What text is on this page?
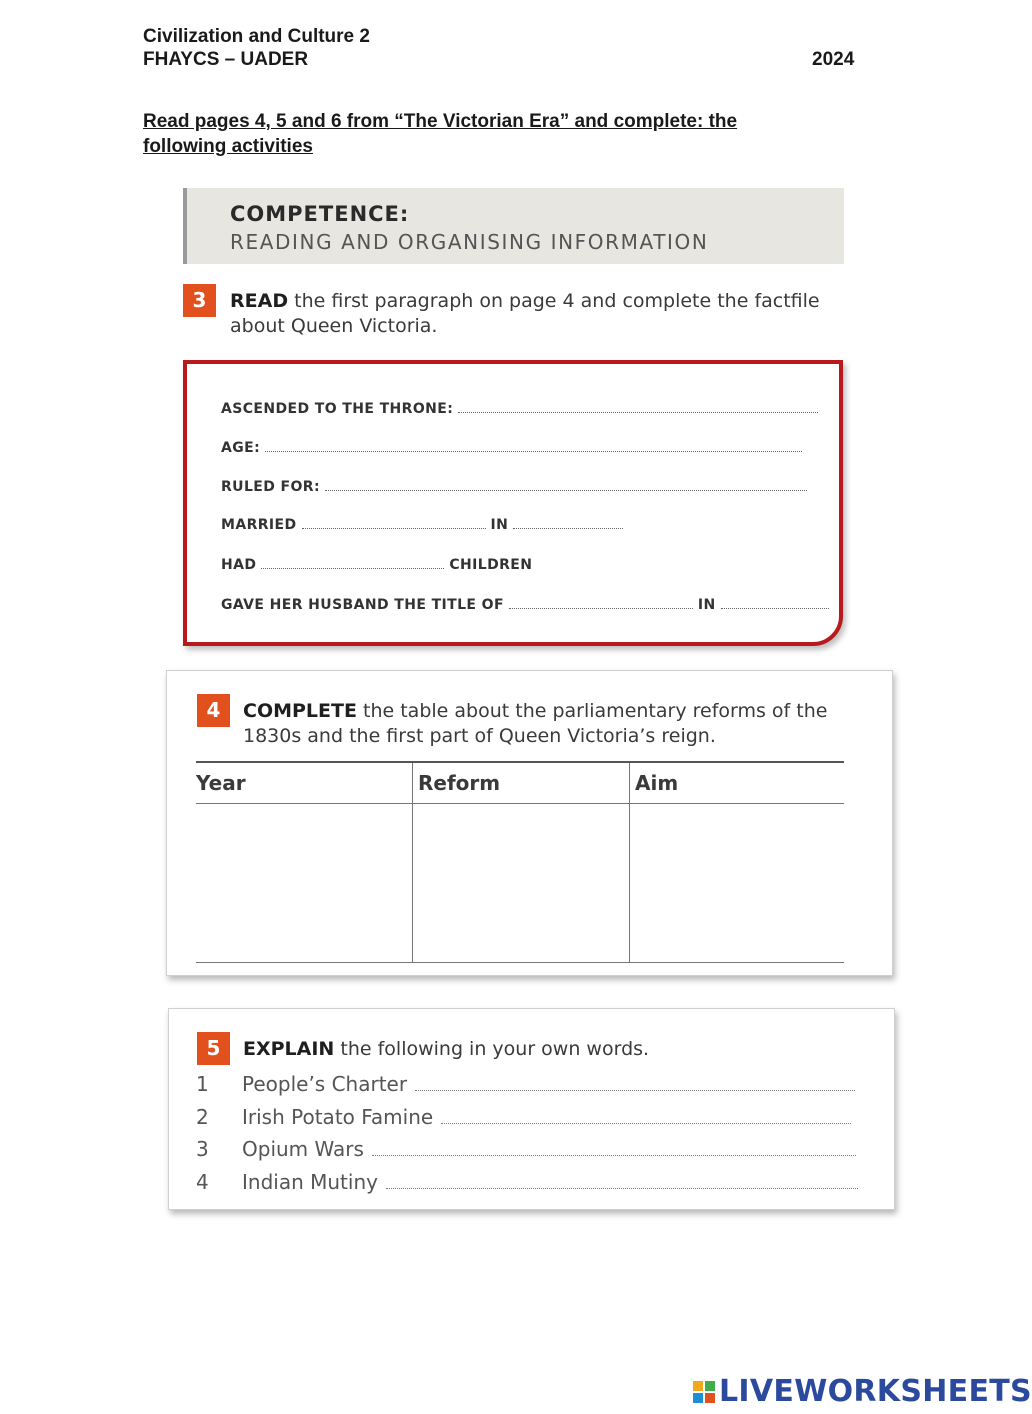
Civilization and Culture 2
FHAYCS – UADER	2024
Read pages 4, 5 and 6 from “The Victorian Era” and complete: the following activities
COMPETENCE:
READING AND ORGANISING INFORMATION
3	READ the first paragraph on page 4 and complete the factfile about Queen Victoria.
ASCENDED TO THE THRONE:
AGE:
RULED FOR:
MARRIED	IN
HAD	CHILDREN
GAVE HER HUSBAND THE TITLE OF	IN
4	COMPLETE the table about the parliamentary reforms of the 1830s and the first part of Queen Victoria’s reign.
Year	Reform	Aim

5	EXPLAIN the following in your own words.
1	People’s Charter
2	Irish Potato Famine
3	Opium Wars
4	Indian Mutiny
LIVEWORKSHEETS
